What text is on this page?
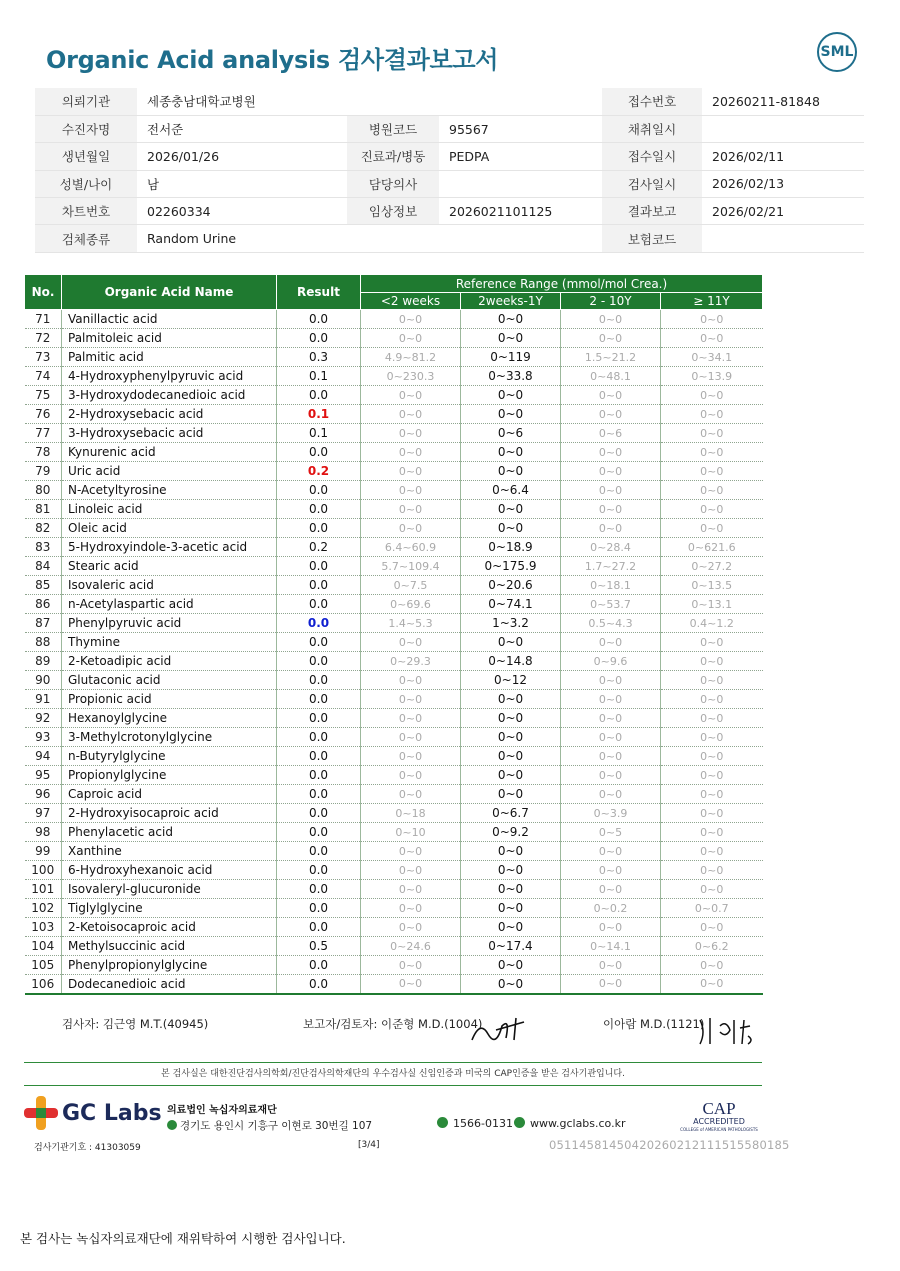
Organic Acid analysis 검사결과보고서	SML
의뢰기관	세종충남대학교병원			접수번호	20260211-81848
수진자명	전서준	병원코드	95567	채취일시	
생년월일	2026/01/26	진료과/병동	PEDPA	접수일시	2026/02/11
성별/나이	남	담당의사		검사일시	2026/02/13
차트번호	02260334	임상정보	2026021101125	결과보고	2026/02/21
검체종류	Random Urine			보험코드	
No.	Organic Acid Name	Result	Reference Range (mmol/mol Crea.)			
			<2 weeks	2weeks-1Y	2 - 10Y	≥ 11Y
71	Vanillactic acid	0.0	0~0	0~0	0~0	0~0
72	Palmitoleic acid	0.0	0~0	0~0	0~0	0~0
73	Palmitic acid	0.3	4.9~81.2	0~119	1.5~21.2	0~34.1
74	4-Hydroxyphenylpyruvic acid	0.1	0~230.3	0~33.8	0~48.1	0~13.9
75	3-Hydroxydodecanedioic acid	0.0	0~0	0~0	0~0	0~0
76	2-Hydroxysebacic acid	0.1	0~0	0~0	0~0	0~0
77	3-Hydroxysebacic acid	0.1	0~0	0~6	0~6	0~0
78	Kynurenic acid	0.0	0~0	0~0	0~0	0~0
79	Uric acid	0.2	0~0	0~0	0~0	0~0
80	N-Acetyltyrosine	0.0	0~0	0~6.4	0~0	0~0
81	Linoleic acid	0.0	0~0	0~0	0~0	0~0
82	Oleic acid	0.0	0~0	0~0	0~0	0~0
83	5-Hydroxyindole-3-acetic acid	0.2	6.4~60.9	0~18.9	0~28.4	0~621.6
84	Stearic acid	0.0	5.7~109.4	0~175.9	1.7~27.2	0~27.2
85	Isovaleric acid	0.0	0~7.5	0~20.6	0~18.1	0~13.5
86	n-Acetylaspartic acid	0.0	0~69.6	0~74.1	0~53.7	0~13.1
87	Phenylpyruvic acid	0.0	1.4~5.3	1~3.2	0.5~4.3	0.4~1.2
88	Thymine	0.0	0~0	0~0	0~0	0~0
89	2-Ketoadipic acid	0.0	0~29.3	0~14.8	0~9.6	0~0
90	Glutaconic acid	0.0	0~0	0~12	0~0	0~0
91	Propionic acid	0.0	0~0	0~0	0~0	0~0
92	Hexanoylglycine	0.0	0~0	0~0	0~0	0~0
93	3-Methylcrotonylglycine	0.0	0~0	0~0	0~0	0~0
94	n-Butyrylglycine	0.0	0~0	0~0	0~0	0~0
95	Propionylglycine	0.0	0~0	0~0	0~0	0~0
96	Caproic acid	0.0	0~0	0~0	0~0	0~0
97	2-Hydroxyisocaproic acid	0.0	0~18	0~6.7	0~3.9	0~0
98	Phenylacetic acid	0.0	0~10	0~9.2	0~5	0~0
99	Xanthine	0.0	0~0	0~0	0~0	0~0
100	6-Hydroxyhexanoic acid	0.0	0~0	0~0	0~0	0~0
101	Isovaleryl-glucuronide	0.0	0~0	0~0	0~0	0~0
102	Tiglylglycine	0.0	0~0	0~0	0~0.2	0~0.7
103	2-Ketoisocaproic acid	0.0	0~0	0~0	0~0	0~0
104	Methylsuccinic acid	0.5	0~24.6	0~17.4	0~14.1	0~6.2
105	Phenylpropionylglycine	0.0	0~0	0~0	0~0	0~0
106	Dodecanedioic acid	0.0	0~0	0~0	0~0	0~0
검사자: 김근영 M.T.(40945)	보고자/검토자: 이준형 M.D.(1004)	이아람 M.D.(1121)
본 검사실은 대한진단검사의학회/진단검사의학재단의 우수검사실 신임인증과 미국의 CAP인증을 받은 검사기관입니다.
GC Labs 의료법인 녹십자의료재단
경기도 용인시 기흥구 이현로 30번길 107	1566-0131	www.gclabs.co.kr
CAP
ACCREDITED
COLLEGE of AMERICAN PATHOLOGISTS
검사기관기호 : 41303059	[3/4]	05114581450420260212111515580185
본 검사는 녹십자의료재단에 재위탁하여 시행한 검사입니다.
